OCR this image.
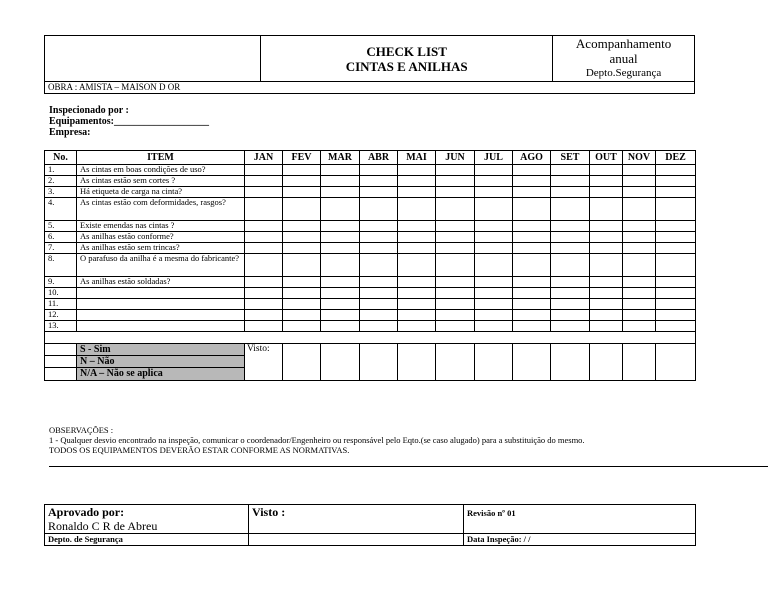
CHECK LIST
CINTAS E ANILHAS

Acompanhamento
anual
Depto.Segurança

OBRA : AMISTA – MAISON D OR
Inspecionado por :
Equipamentos:___________________
Empresa:
No.	ITEM	JAN	FEV	MAR	ABR	MAI	JUN	JUL	AGO	SET	OUT	NOV	DEZ
1.	As cintas em boas condições de uso?												
2.	As cintas estão sem cortes ?												
3.	Há etiqueta de carga na cinta?												
4.	As cintas estão com deformidades, rasgos?												
5.	Existe emendas nas cintas ?												
6.	As anilhas estão conforme?												
7.	As anilhas estão sem trincas?												
8.	O parafuso da anilha é a mesma do fabricante?												
9.	As anilhas estão soldadas?												
10.													
11.													
12.													
13.													

	S - Sim	Visto:											
	N – Não												
	N/A – Não se aplica												
OBSERVAÇÕES :
1 - Qualquer desvio encontrado na inspeção, comunicar o coordenador/Engenheiro ou responsável pelo Eqto.(se caso alugado) para a substituição do mesmo.
TODOS OS EQUIPAMENTOS DEVERÃO ESTAR CONFORME AS NORMATIVAS.
Aprovado por:
Ronaldo C R de Abreu	Visto :	Revisão nº 01
Depto. de Segurança		Data Inspeção: / /
